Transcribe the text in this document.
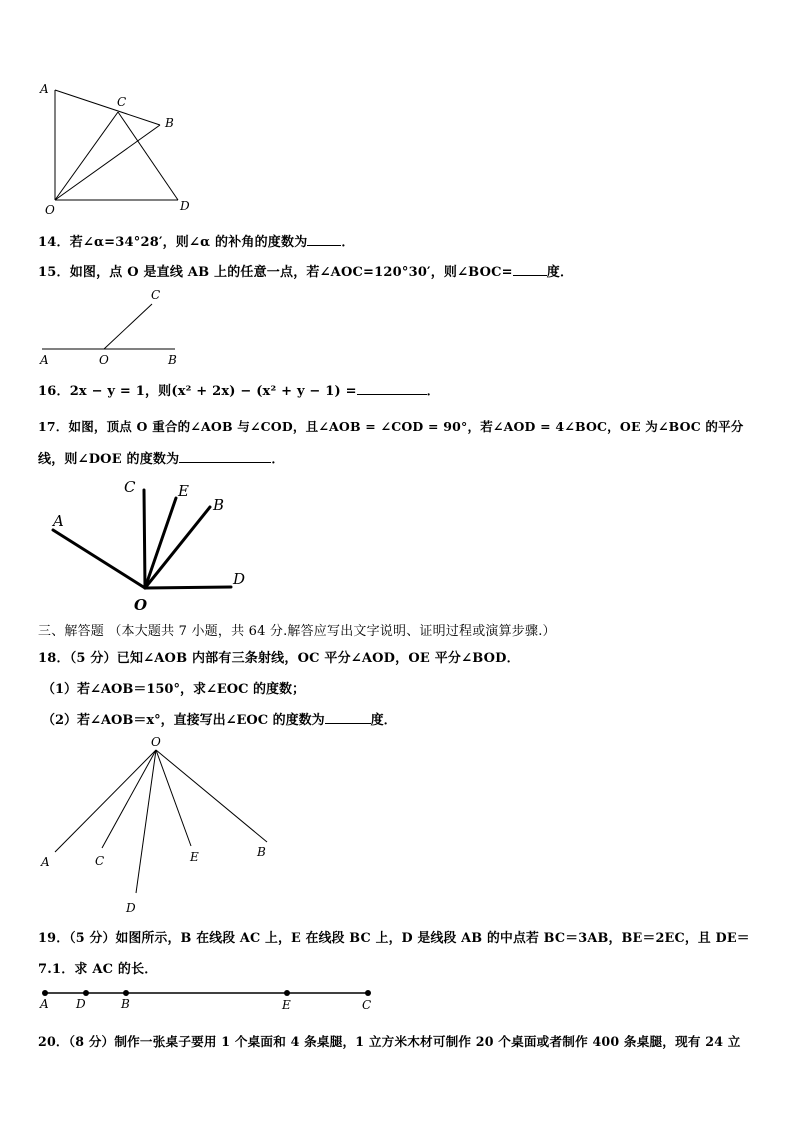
A
C
B
O	D
14．若∠α=34°28′，则∠α 的补角的度数为	．
15．如图，点 O 是直线 AB 上的任意一点，若∠AOC=120°30′，则∠BOC=	度．
C
A	O	B
16．2x − y = 1，则(x² + 2x) − (x² + y − 1) =	．
17．如图，顶点 O 重合的∠AOB 与∠COD，且∠AOB = ∠COD = 90°，若∠AOD = 4∠BOC，OE 为∠BOC 的平分
线，则∠DOE 的度数为	．
C	E
B
A
D
O
三、解答题 （本大题共 7 小题，共 64 分.解答应写出文字说明、证明过程或演算步骤.）
18．（5 分）已知∠AOB 内部有三条射线，OC 平分∠AOD，OE 平分∠BOD．
（1）若∠AOB＝150°，求∠EOC 的度数；
（2）若∠AOB＝x°，直接写出∠EOC 的度数为	度．
O
A	C	E	B
D
19．（5 分）如图所示，B 在线段 AC 上，E 在线段 BC 上，D 是线段 AB 的中点若 BC＝3AB，BE＝2EC，且 DE＝
7.1．求 AC 的长．
A D	B	E	C
20．（8 分）制作一张桌子要用 1 个桌面和 4 条桌腿，1 立方米木材可制作 20 个桌面或者制作 400 条桌腿，现有 24 立
